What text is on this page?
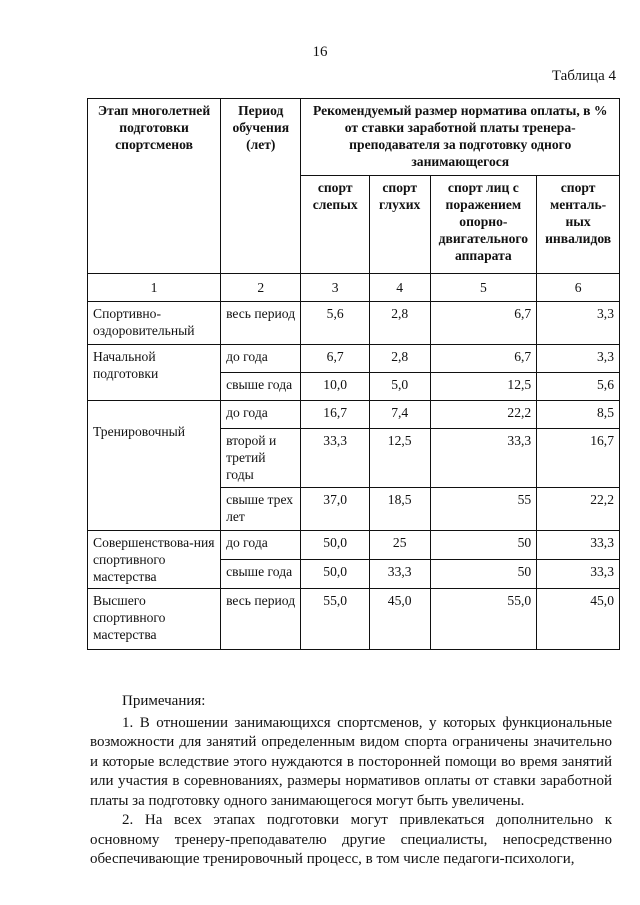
16
Таблица 4
Этап многолетней подготовки спортсменов	Период обучения (лет)	Рекомендуемый размер норматива оплаты, в % от ставки заработной платы тренера-преподавателя за подготовку одного занимающегося			
		спорт слепых	спорт глухих	спорт лиц с поражением опорно-двигательного аппарата	спорт менталь-ных инвалидов
1	2	3	4	5	6
Спортивно-оздоровительный	весь период	5,6	2,8	6,7	3,3
Начальной подготовки	до года	6,7	2,8	6,7	3,3
	свыше года	10,0	5,0	12,5	5,6
Тренировочный	до года	16,7	7,4	22,2	8,5
	второй и третий годы	33,3	12,5	33,3	16,7
	свыше трех лет	37,0	18,5	55	22,2
Совершенствова-ния спортивного мастерства	до года	50,0	25	50	33,3
	свыше года	50,0	33,3	50	33,3
Высшего спортивного мастерства	весь период	55,0	45,0	55,0	45,0

Примечания:

1. В отношении занимающихся спортсменов, у которых функциональные возможности для занятий определенным видом спорта ограничены значительно и которые вследствие этого нуждаются в посторонней помощи во время занятий или участия в соревнованиях, размеры нормативов оплаты от ставки заработной платы за подготовку одного занимающегося могут быть увеличены.

2. На всех этапах подготовки могут привлекаться дополнительно к основному тренеру-преподавателю другие специалисты, непосредственно обеспечивающие тренировочный процесс, в том числе педагоги-психологи,
